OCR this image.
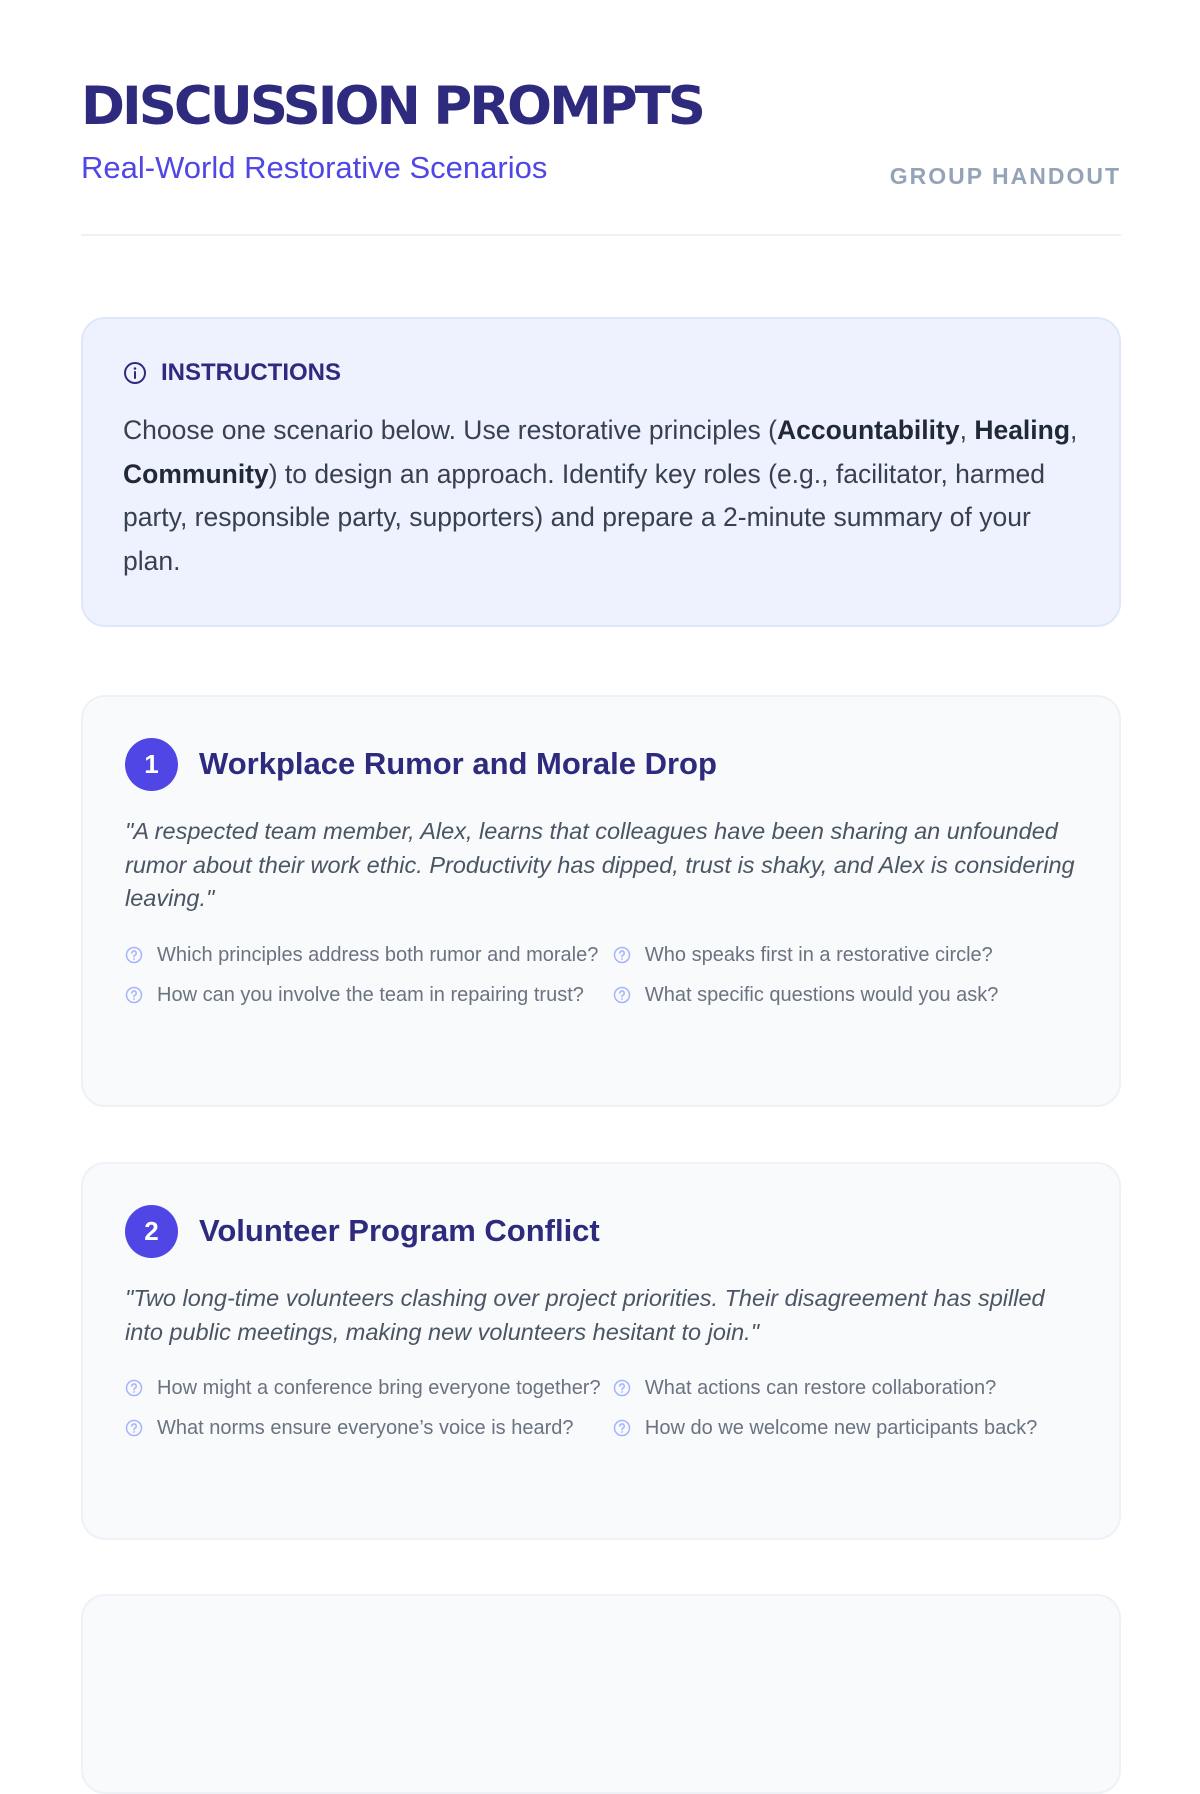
DISCUSSION PROMPTS
Real-World Restorative Scenarios	GROUP HANDOUT
INSTRUCTIONS
Choose one scenario below. Use restorative principles (Accountability, Healing, Community) to design an approach. Identify key roles (e.g., facilitator, harmed party, responsible party, supporters) and prepare a 2-minute summary of your plan.
1	Workplace Rumor and Morale Drop
"A respected team member, Alex, learns that colleagues have been sharing an unfounded rumor about their work ethic. Productivity has dipped, trust is shaky, and Alex is considering leaving."
Which principles address both rumor and morale?
How can you involve the team in repairing trust?
Who speaks first in a restorative circle?
What specific questions would you ask?
2	Volunteer Program Conflict
"Two long-time volunteers clashing over project priorities. Their disagreement has spilled into public meetings, making new volunteers hesitant to join."
How might a conference bring everyone together?
What norms ensure everyone’s voice is heard?
What actions can restore collaboration?
How do we welcome new participants back?
